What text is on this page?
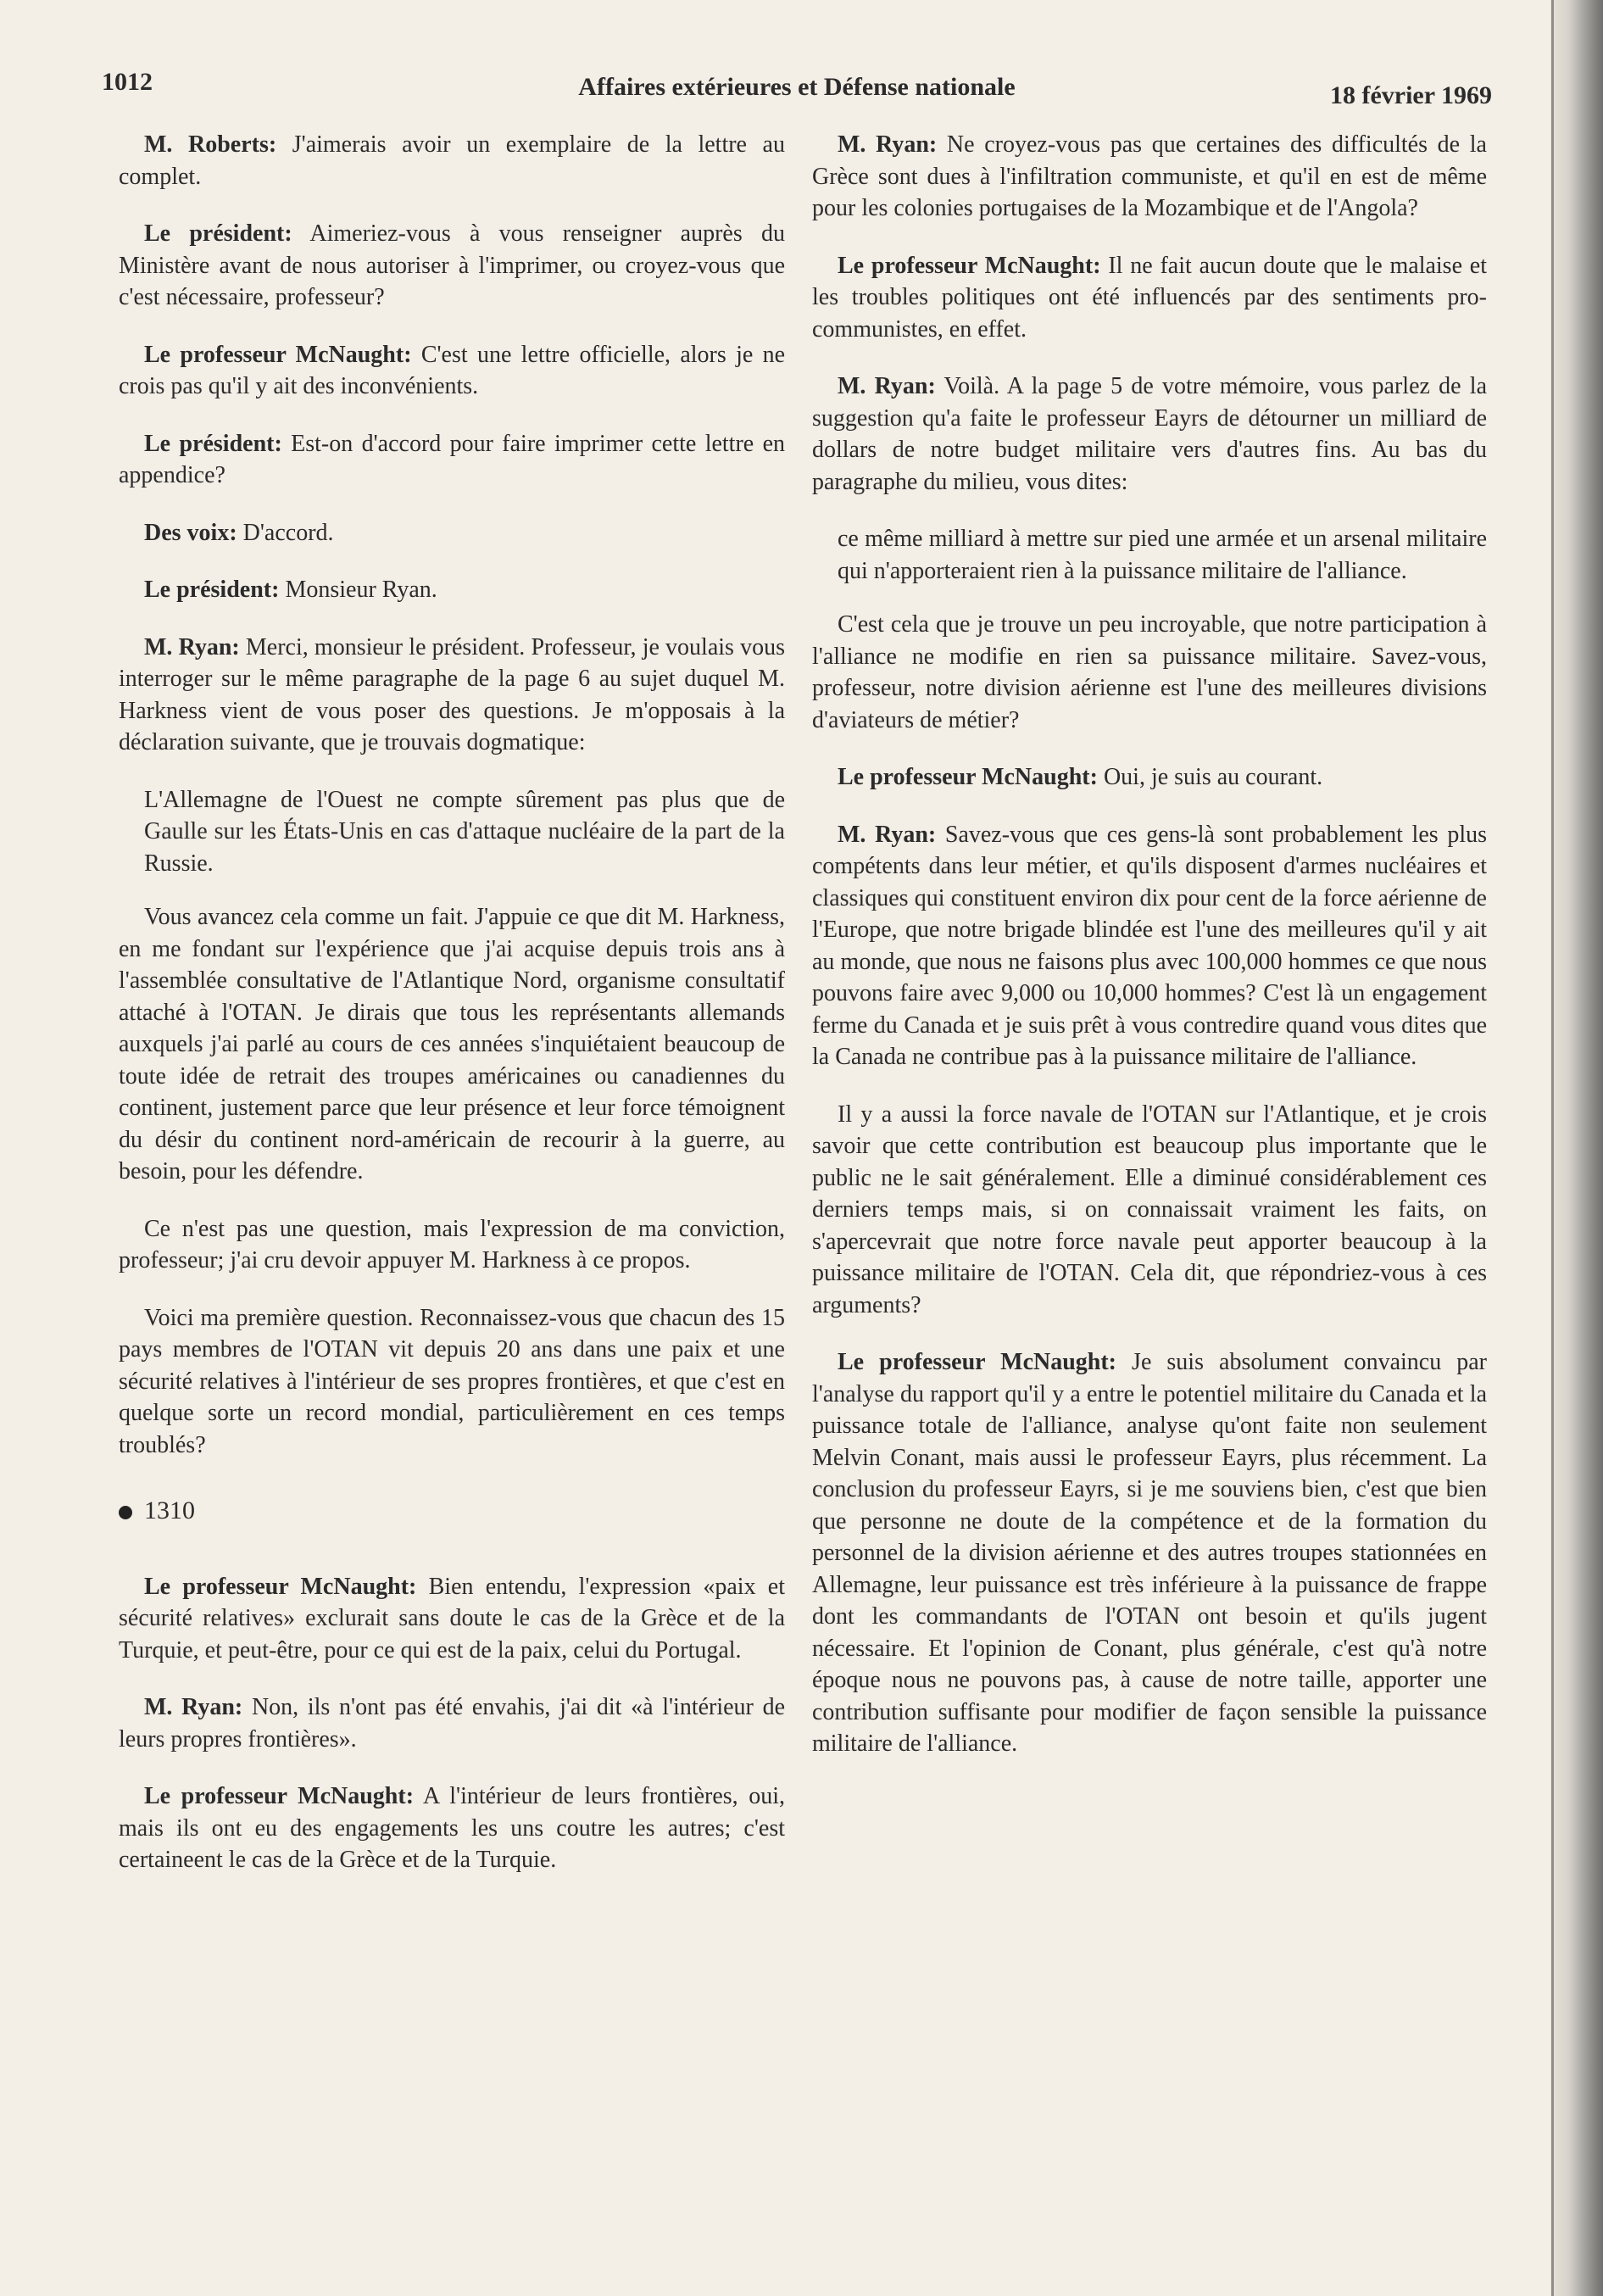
1012	Affaires extérieures et Défense nationale	18 février 1969

M. Roberts: J'aimerais avoir un exemplaire de la lettre au complet.

Le président: Aimeriez-vous à vous renseigner auprès du Ministère avant de nous autoriser à l'imprimer, ou croyez-vous que c'est nécessaire, professeur?

Le professeur McNaught: C'est une lettre officielle, alors je ne crois pas qu'il y ait des inconvénients.

Le président: Est-on d'accord pour faire imprimer cette lettre en appendice?

Des voix: D'accord.

Le président: Monsieur Ryan.

M. Ryan: Merci, monsieur le président. Professeur, je voulais vous interroger sur le même paragraphe de la page 6 au sujet duquel M. Harkness vient de vous poser des questions. Je m'opposais à la déclaration suivante, que je trouvais dogmatique:

L'Allemagne de l'Ouest ne compte sûrement pas plus que de Gaulle sur les États-Unis en cas d'attaque nucléaire de la part de la Russie.

Vous avancez cela comme un fait. J'appuie ce que dit M. Harkness, en me fondant sur l'expérience que j'ai acquise depuis trois ans à l'assemblée consultative de l'Atlantique Nord, organisme consultatif attaché à l'OTAN. Je dirais que tous les représentants allemands auxquels j'ai parlé au cours de ces années s'inquiétaient beaucoup de toute idée de retrait des troupes américaines ou canadiennes du continent, justement parce que leur présence et leur force témoignent du désir du continent nord-américain de recourir à la guerre, au besoin, pour les défendre.

Ce n'est pas une question, mais l'expression de ma conviction, professeur; j'ai cru devoir appuyer M. Harkness à ce propos.

Voici ma première question. Reconnaissez-vous que chacun des 15 pays membres de l'OTAN vit depuis 20 ans dans une paix et une sécurité relatives à l'intérieur de ses propres frontières, et que c'est en quelque sorte un record mondial, particulièrement en ces temps troublés?

1310

Le professeur McNaught: Bien entendu, l'expression «paix et sécurité relatives» exclurait sans doute le cas de la Grèce et de la Turquie, et peut-être, pour ce qui est de la paix, celui du Portugal.

M. Ryan: Non, ils n'ont pas été envahis, j'ai dit «à l'intérieur de leurs propres frontières».

Le professeur McNaught: A l'intérieur de leurs frontières, oui, mais ils ont eu des engagements les uns coutre les autres; c'est certaineent le cas de la Grèce et de la Turquie.

M. Ryan: Ne croyez-vous pas que certaines des difficultés de la Grèce sont dues à l'infiltration communiste, et qu'il en est de même pour les colonies portugaises de la Mozambique et de l'Angola?

Le professeur McNaught: Il ne fait aucun doute que le malaise et les troubles politiques ont été influencés par des sentiments pro-communistes, en effet.

M. Ryan: Voilà. A la page 5 de votre mémoire, vous parlez de la suggestion qu'a faite le professeur Eayrs de détourner un milliard de dollars de notre budget militaire vers d'autres fins. Au bas du paragraphe du milieu, vous dites:

ce même milliard à mettre sur pied une armée et un arsenal militaire qui n'apporteraient rien à la puissance militaire de l'alliance.

C'est cela que je trouve un peu incroyable, que notre participation à l'alliance ne modifie en rien sa puissance militaire. Savez-vous, professeur, notre division aérienne est l'une des meilleures divisions d'aviateurs de métier?

Le professeur McNaught: Oui, je suis au courant.

M. Ryan: Savez-vous que ces gens-là sont probablement les plus compétents dans leur métier, et qu'ils disposent d'armes nucléaires et classiques qui constituent environ dix pour cent de la force aérienne de l'Europe, que notre brigade blindée est l'une des meilleures qu'il y ait au monde, que nous ne faisons plus avec 100,000 hommes ce que nous pouvons faire avec 9,000 ou 10,000 hommes? C'est là un engagement ferme du Canada et je suis prêt à vous contredire quand vous dites que la Canada ne contribue pas à la puissance militaire de l'alliance.

Il y a aussi la force navale de l'OTAN sur l'Atlantique, et je crois savoir que cette contribution est beaucoup plus importante que le public ne le sait généralement. Elle a diminué considérablement ces derniers temps mais, si on connaissait vraiment les faits, on s'apercevrait que notre force navale peut apporter beaucoup à la puissance militaire de l'OTAN. Cela dit, que répondriez-vous à ces arguments?

Le professeur McNaught: Je suis absolument convaincu par l'analyse du rapport qu'il y a entre le potentiel militaire du Canada et la puissance totale de l'alliance, analyse qu'ont faite non seulement Melvin Conant, mais aussi le professeur Eayrs, plus récemment. La conclusion du professeur Eayrs, si je me souviens bien, c'est que bien que personne ne doute de la compétence et de la formation du personnel de la division aérienne et des autres troupes stationnées en Allemagne, leur puissance est très inférieure à la puissance de frappe dont les commandants de l'OTAN ont besoin et qu'ils jugent nécessaire. Et l'opinion de Conant, plus générale, c'est qu'à notre époque nous ne pouvons pas, à cause de notre taille, apporter une contribution suffisante pour modifier de façon sensible la puissance militaire de l'alliance.
